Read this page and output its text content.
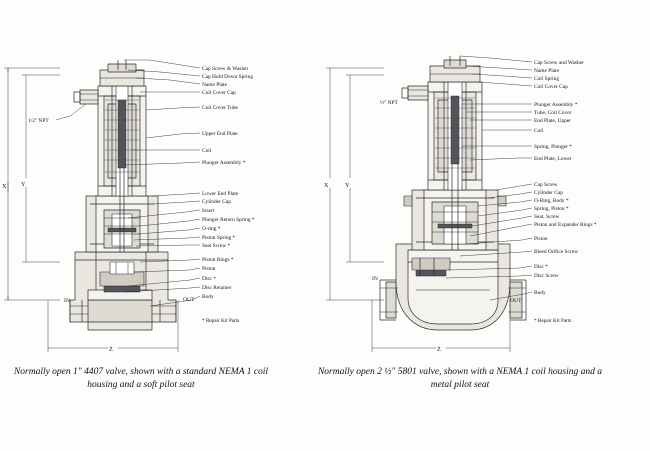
X Y
Z
Cap Screw & Washer
Cap Hold Down Spring
Name Plate
Coil Cover Cap
Coil Cover Tube
Upper End Plate
Coil
Plunger Assembly *
Lower End Plate
Cylinder Cap
Insert
Plunger Return Spring *
O-ring *
Piston Spring *
Seat Screw *
Piston Rings *
Piston
Disc *
Disc Retainer
Body
1/2" NPT
IN	OUT
* Repair Kit Parts
X	Y
Z
Cap Screw and Washer
Name Plate
Coil Spring
Coil Cover Cap
Plunger Assembly *
Tube, Coil Cover
End Plate, Upper
Coil
Spring, Plunger *
End Plate, Lower
Cap Screw
Cylinder Cap
O-Ring, Body *
Spring, Piston *
Seat, Screw
Piston and Expander Rings *
Piston
Bleed Orifice Screw
Disc *
Disc Screw
Body
½" NPT
IN
OUT
* Repair Kit Parts
Normally open 1" 4407 valve, shown with a standard NEMA 1 coil housing and a soft pilot seat
Normally open 2 ½" 5801 valve, shown with a NEMA 1 coil housing and a metal pilot seat
